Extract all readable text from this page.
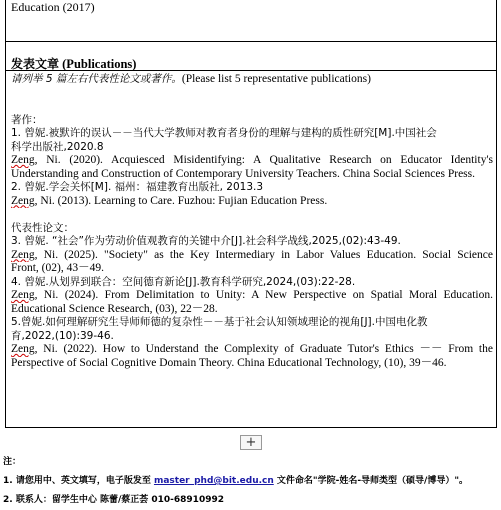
Education (2017)
发表文章 (Publications)
请列举 5 篇左右代表性论文或著作。(Please list 5 representative publications)
著作：
1. 曾妮.被默许的误认－－当代大学教师对教育者身份的理解与建构的质性研究[M].中国社会
科学出版社,2020.8
Zeng, Ni. (2020). Acquiesced Misidentifying: A Qualitative Research on Educator Identity's
Understanding and Construction of Contemporary University Teachers. China Social Sciences Press.
2. 曾妮.学会关怀[M]. 福州：福建教育出版社, 2013.3
Zeng, Ni. (2013). Learning to Care. Fuzhou: Fujian Education Press.
代表性论文：
3. 曾妮. “社会”作为劳动价值观教育的关键中介[J].社会科学战线,2025,(02):43-49.
Zeng, Ni. (2025). "Society" as the Key Intermediary in Labor Values Education. Social Science
Front, (02), 43－49.
4. 曾妮.从划界到联合：空间德育新论[J].教育科学研究,2024,(03):22-28.
Zeng, Ni. (2024). From Delimitation to Unity: A New Perspective on Spatial Moral Education.
Educational Science Research, (03), 22－28.
5.曾妮.如何理解研究生导师师德的复杂性－－基于社会认知领域理论的视角[J].中国电化教
育,2022,(10):39-46.
Zeng, Ni. (2022). How to Understand the Complexity of Graduate Tutor's Ethics －－ From the
Perspective of Social Cognitive Domain Theory. China Educational Technology, (10), 39－46.
+
注：
1. 请您用中、英文填写，电子版发至 master_phd@bit.edu.cn 文件命名"学院-姓名-导师类型（硕导/博导）"。
2. 联系人：留学生中心 陈蕾/蔡正荟 010-68910992
